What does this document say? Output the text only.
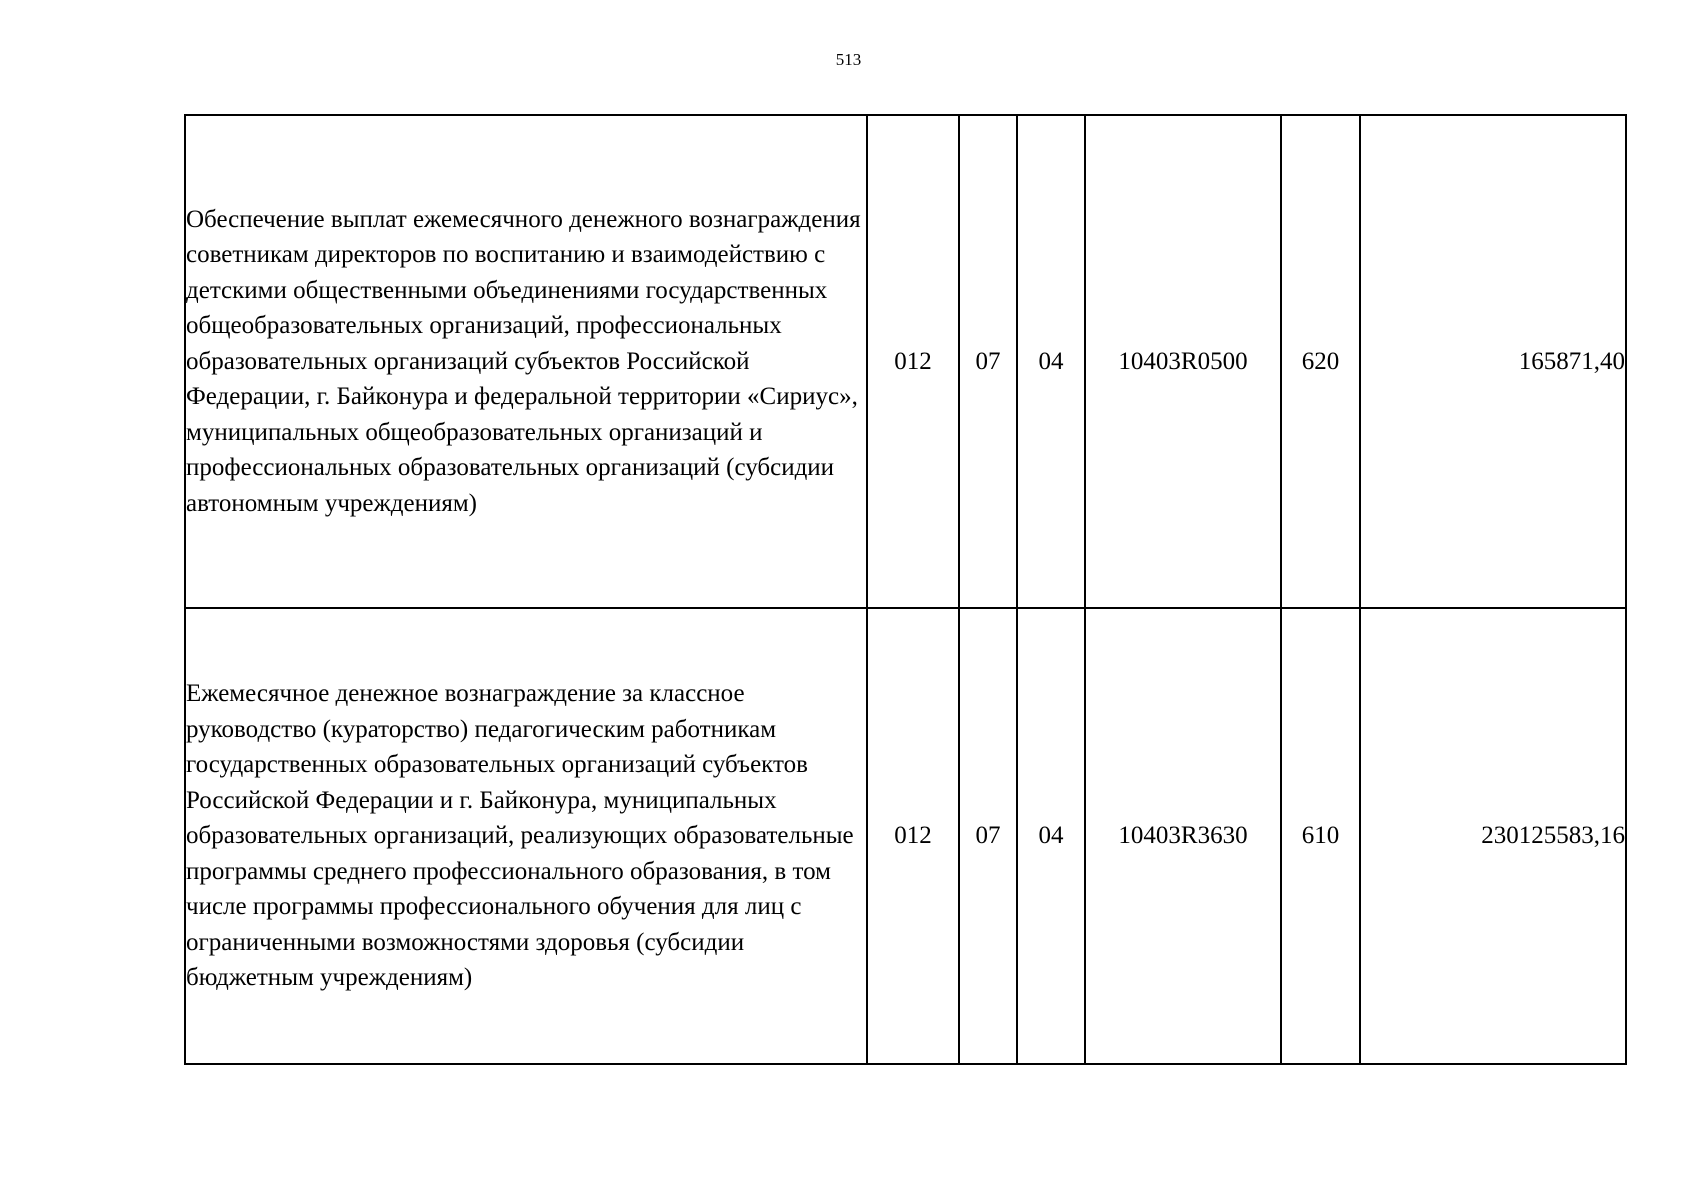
513
Обеспечение выплат ежемесячного денежного вознаграждения советникам директоров по воспитанию и взаимодействию с детскими общественными объединениями государственных общеобразовательных организаций, профессиональных образовательных организаций субъектов Российской Федерации, г. Байконура и федеральной территории «Сириус», муниципальных общеобразовательных организаций и профессиональных образовательных организаций (субсидии автономным учреждениям)	012	07	04	10403R0500	620	165871,40
Ежемесячное денежное вознаграждение за классное руководство (кураторство) педагогическим работникам государственных образовательных организаций субъектов Российской Федерации и г. Байконура, муниципальных образовательных организаций, реализующих образовательные программы среднего профессионального образования, в том числе программы профессионального обучения для лиц с ограниченными возможностями здоровья (субсидии бюджетным учреждениям)	012	07	04	10403R3630	610	230125583,16
